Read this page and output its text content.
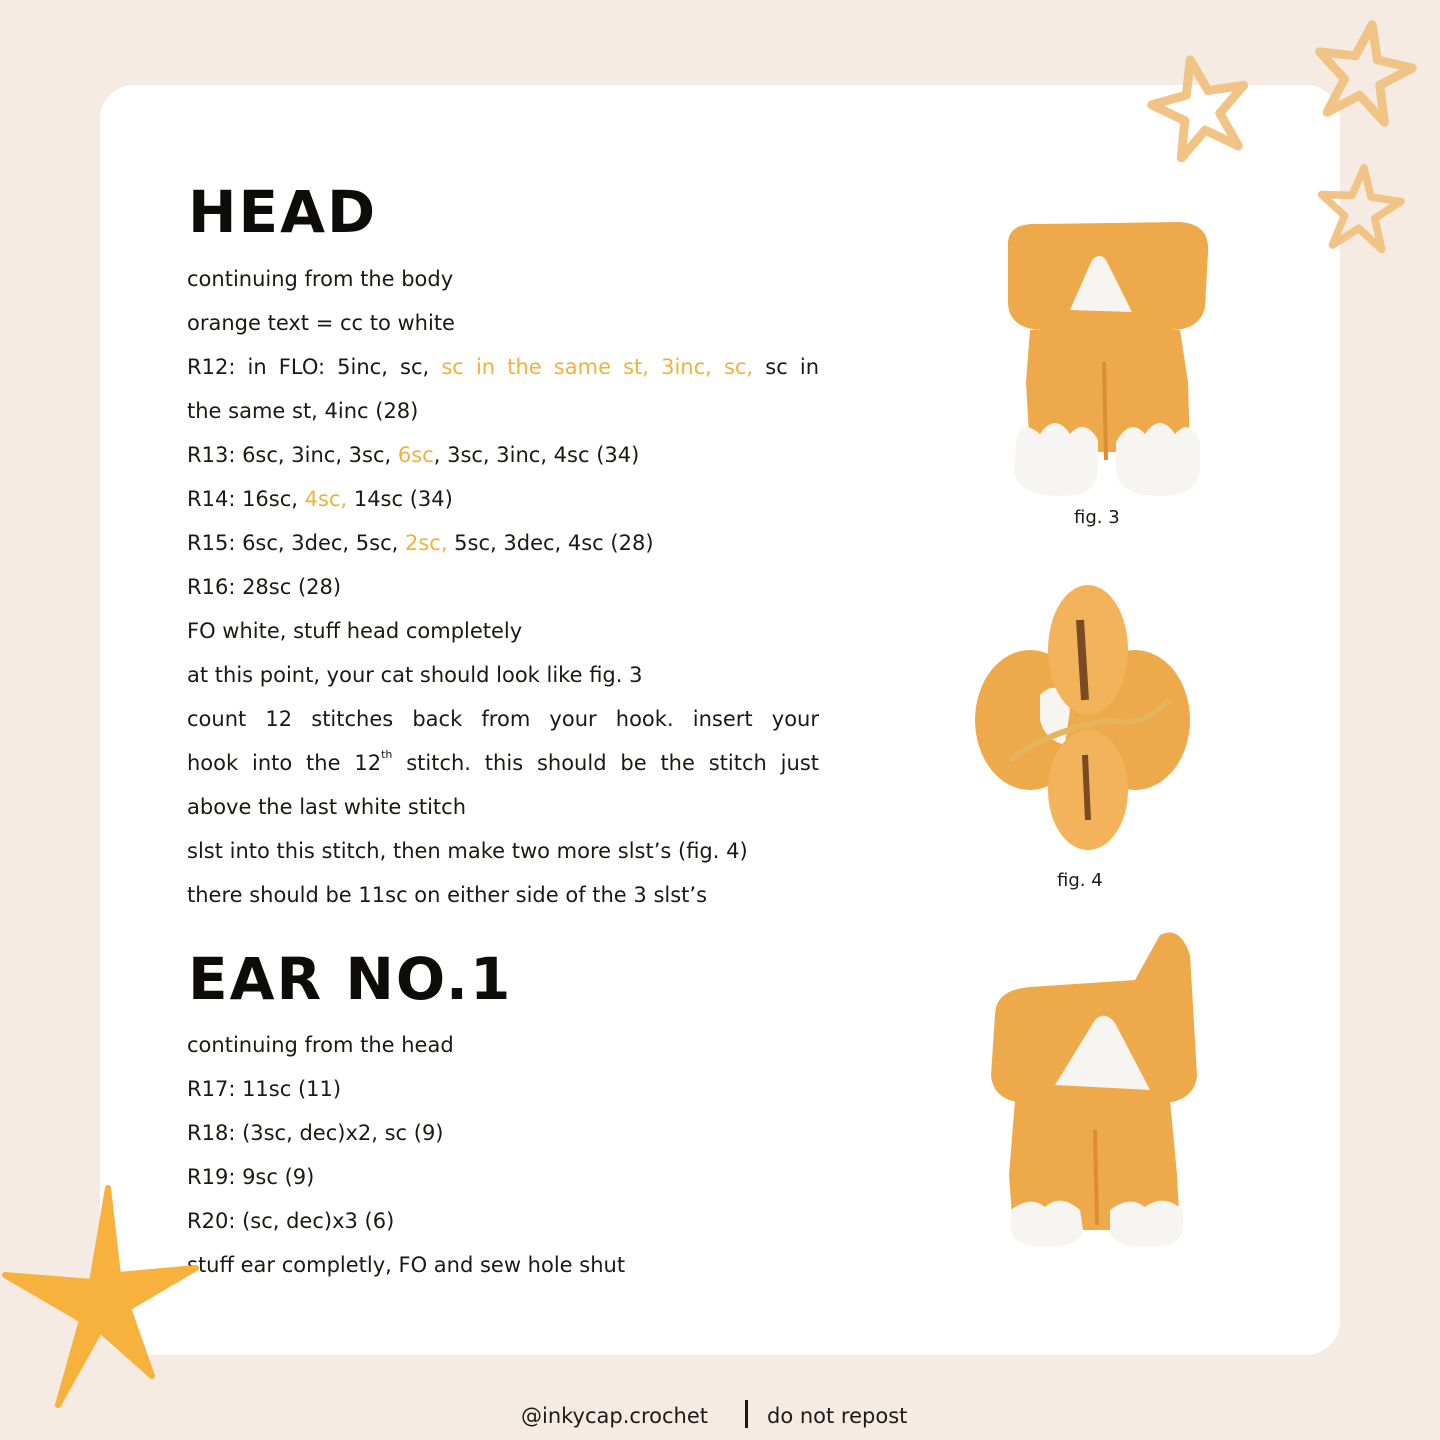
HEAD
continuing from the body
orange text = cc to white
R12: in FLO: 5inc, sc, sc in the same st, 3inc, sc, sc in
the same st, 4inc (28)
R13: 6sc, 3inc, 3sc, 6sc, 3sc, 3inc, 4sc (34)
R14: 16sc, 4sc, 14sc (34)
R15: 6sc, 3dec, 5sc, 2sc, 5sc, 3dec, 4sc (28)
R16: 28sc (28)
FO white, stuff head completely
at this point, your cat should look like fig. 3
count 12 stitches back from your hook. insert your
hook into the 12th stitch. this should be the stitch just
above the last white stitch
slst into this stitch, then make two more slst’s (fig. 4)
there should be 11sc on either side of the 3 slst’s
EAR NO.1
continuing from the head
R17: 11sc (11)
R18: (3sc, dec)x2, sc (9)
R19: 9sc (9)
R20: (sc, dec)x3 (6)
stuff ear completly, FO and sew hole shut
fig. 3
fig. 4
@inkycap.crochet	do not repost
